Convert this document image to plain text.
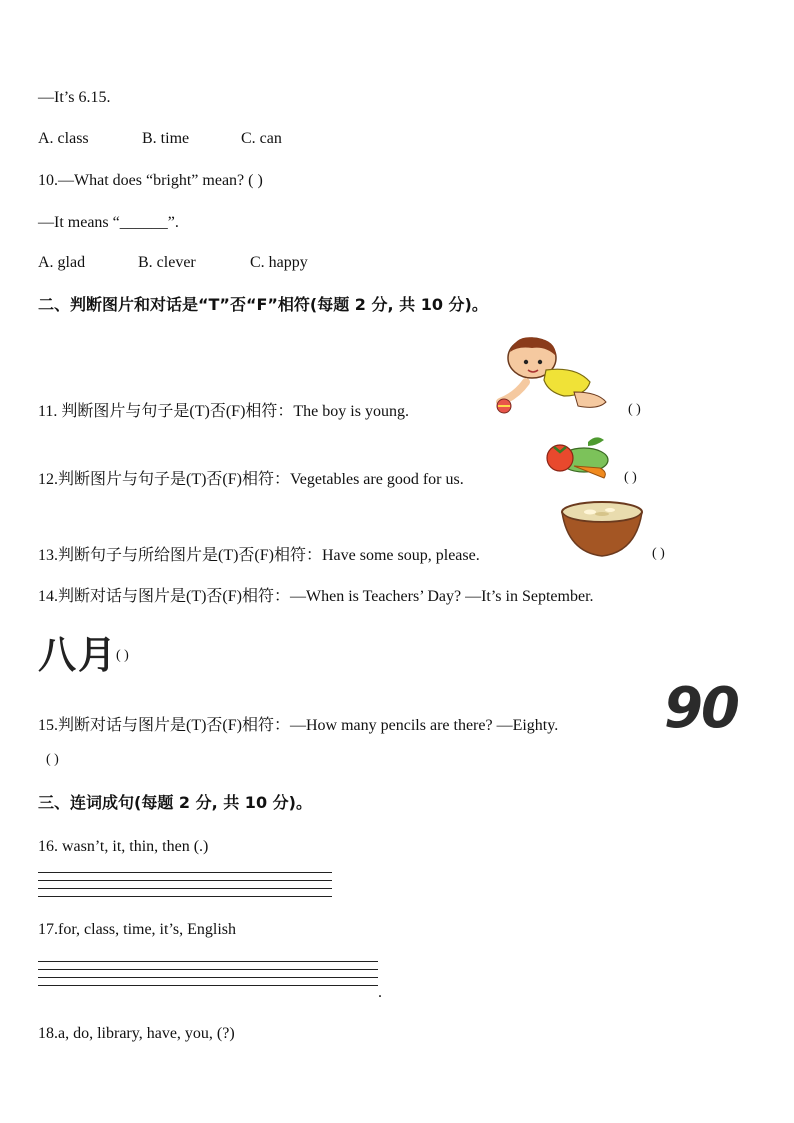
—It’s 6.15.
A. class	B. time	C. can
10.—What does “bright” mean? ( )
—It means “______”.
A. glad	B. clever	C. happy
二、判断图片和对话是“T”否“F”相符(每题 2 分, 共 10 分)。
11. 判断图片与句子是(T)否(F)相符：The boy is young.	( )
12.判断图片与句子是(T)否(F)相符：Vegetables are good for us.	( )
13.判断句子与所给图片是(T)否(F)相符：Have some soup, please.	( )
14.判断对话与图片是(T)否(F)相符：—When is Teachers’ Day? —It’s in September.
八月
( )
90
15.判断对话与图片是(T)否(F)相符：—How many pencils are there? —Eighty.
( )
三、连词成句(每题 2 分, 共 10 分)。
16. wasn’t, it, thin, then (.)
17.for, class, time, it’s, English
.
18.a, do, library, have, you, (?)
